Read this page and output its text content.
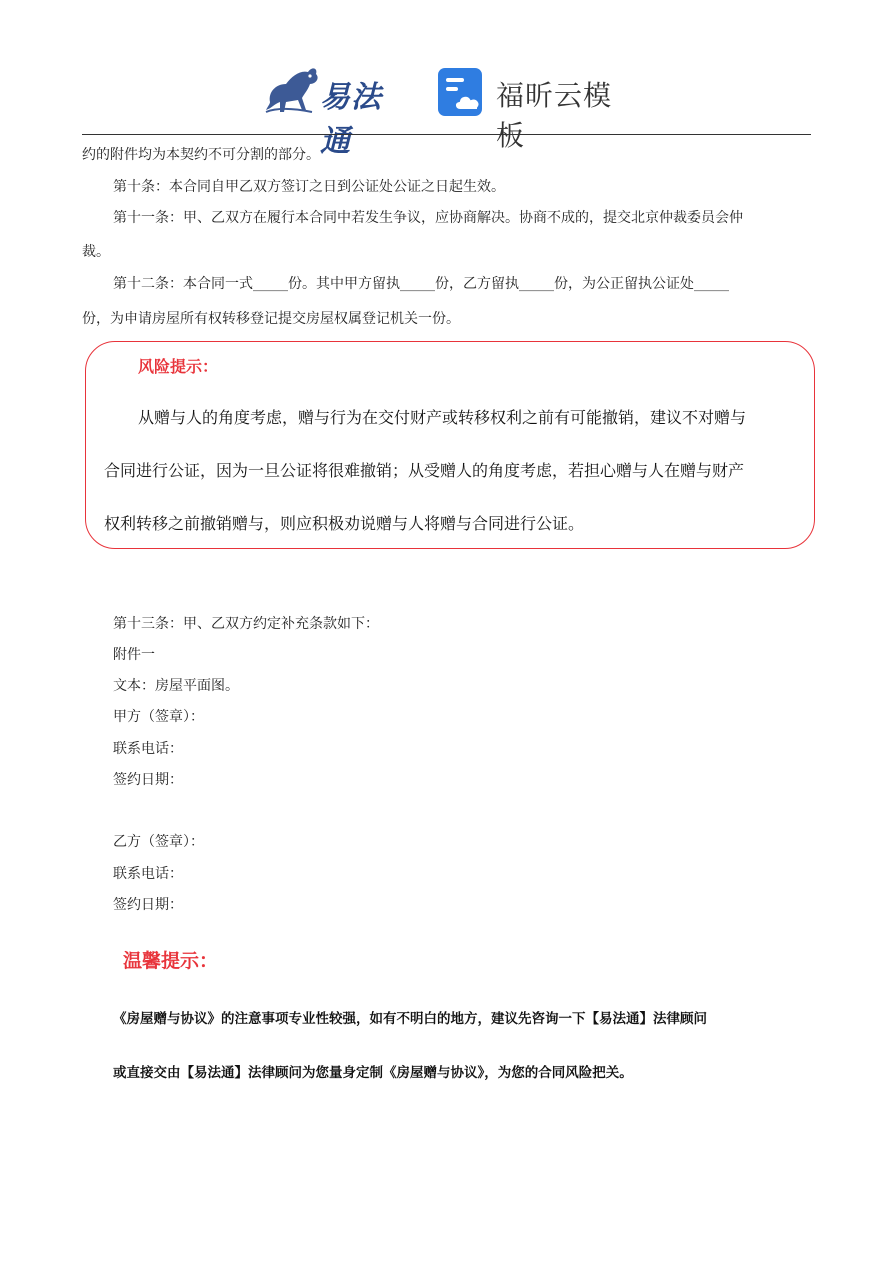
易法通
福昕云模板
约的附件均为本契约不可分割的部分。
第十条：本合同自甲乙双方签订之日到公证处公证之日起生效。
第十一条：甲、乙双方在履行本合同中若发生争议，应协商解决。协商不成的，提交北京仲裁委员会仲
裁。
第十二条：本合同一式_____份。其中甲方留执_____份，乙方留执_____份，为公正留执公证处_____
份，为申请房屋所有权转移登记提交房屋权属登记机关一份。
风险提示：
从赠与人的角度考虑，赠与行为在交付财产或转移权利之前有可能撤销，建议不对赠与
合同进行公证，因为一旦公证将很难撤销；从受赠人的角度考虑，若担心赠与人在赠与财产
权利转移之前撤销赠与，则应积极劝说赠与人将赠与合同进行公证。
第十三条：甲、乙双方约定补充条款如下：
附件一
文本：房屋平面图。
甲方（签章）：
联系电话：
签约日期：
乙方（签章）：
联系电话：
签约日期：
温馨提示：
《房屋赠与协议》的注意事项专业性较强，如有不明白的地方，建议先咨询一下【易法通】法律顾问
或直接交由【易法通】法律顾问为您量身定制《房屋赠与协议》，为您的合同风险把关。
